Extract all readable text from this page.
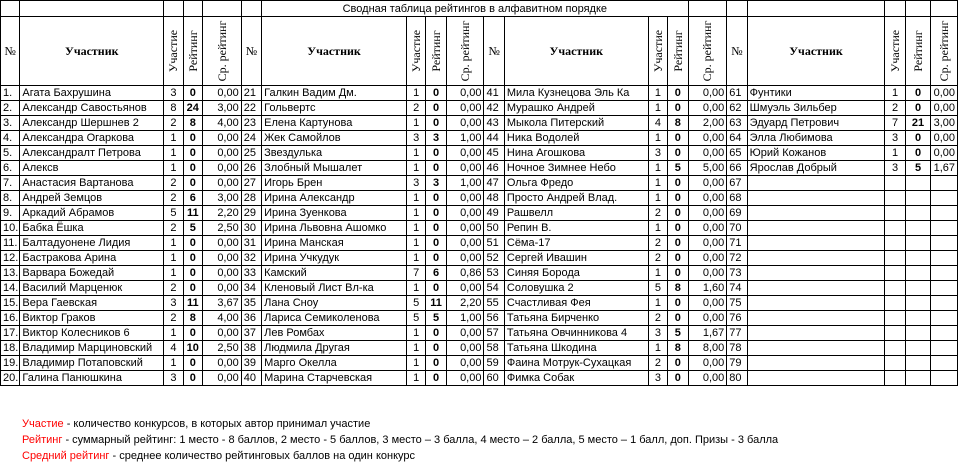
						Сводная таблица рейтингов в алфавитном порядке													
№	Участник	Участие	Рейтинг	Ср. рейтинг	№	Участник	Участие	Рейтинг	Ср. рейтинг	№	Участник	Участие	Рейтинг	Ср. рейтинг	№	Участник	Участие	Рейтинг	Ср. рейтинг

1.	Агата Бахрушина	3	0	0,00	21	Галкин Вадим Дм.	1	0	0,00	41	Мила Кузнецова Эль Ка	1	0	0,00	61	Фунтики	1	0	0,00
2.	Александр Савостьянов	8	24	3,00	22	Гольвертс	2	0	0,00	42	Мурашко Андрей	1	0	0,00	62	Шмуэль Зильбер	2	0	0,00
3.	Александр Шершнев 2	2	8	4,00	23	Елена Картунова	1	0	0,00	43	Мыкола Питерский	4	8	2,00	63	Эдуард Петрович	7	21	3,00
4.	Александра Огаркова	1	0	0,00	24	Жек Самойлов	3	3	1,00	44	Ника Водолей	1	0	0,00	64	Элла Любимова	3	0	0,00
5.	Александралт Петрова	1	0	0,00	25	Звездулька	1	0	0,00	45	Нина Агошкова	3	0	0,00	65	Юрий Кожанов	1	0	0,00
6.	Алексв	1	0	0,00	26	Злобный Мышалет	1	0	0,00	46	Ночное Зимнее Небо	1	5	5,00	66	Ярослав Добрый	3	5	1,67
7.	Анастасия Вартанова	2	0	0,00	27	Игорь Брен	3	3	1,00	47	Ольга Фредо	1	0	0,00	67				
8.	Андрей Земцов	2	6	3,00	28	Ирина Александр	1	0	0,00	48	Просто Андрей Влад.	1	0	0,00	68				
9.	Аркадий Абрамов	5	11	2,20	29	Ирина Зуенкова	1	0	0,00	49	Рашвелл	2	0	0,00	69				
10.	Бабка Ёшка	2	5	2,50	30	Ирина Львовна Ашомко	1	0	0,00	50	Репин В.	1	0	0,00	70				
11.	Балтадуонене Лидия	1	0	0,00	31	Ирина Манская	1	0	0,00	51	Сёма-17	2	0	0,00	71				
12.	Бастракова Арина	1	0	0,00	32	Ирина Учкудук	1	0	0,00	52	Сергей Ивашин	2	0	0,00	72				
13.	Варвара Божедай	1	0	0,00	33	Камский	7	6	0,86	53	Синяя Борода	1	0	0,00	73				
14.	Василий Марценюк	2	0	0,00	34	Кленовый Лист Вл-ка	1	0	0,00	54	Соловушка 2	5	8	1,60	74				
15.	Вера Гаевская	3	11	3,67	35	Лана Сноу	5	11	2,20	55	Счастливая Фея	1	0	0,00	75				
16.	Виктор Граков	2	8	4,00	36	Лариса Семиколенова	5	5	1,00	56	Татьяна Бирченко	2	0	0,00	76				
17.	Виктор Колесников 6	1	0	0,00	37	Лев Ромбах	1	0	0,00	57	Татьяна Овчинникова 4	3	5	1,67	77				
18.	Владимир Марциновский	4	10	2,50	38	Людмила Другая	1	0	0,00	58	Татьяна Шкодина	1	8	8,00	78				
19.	Владимир Потаповский	1	0	0,00	39	Марго Окелла	1	0	0,00	59	Фаина Мотрук-Сухацкая	2	0	0,00	79				
20.	Галина Панюшкина	3	0	0,00	40	Марина Старчевская	1	0	0,00	60	Фимка Собак	3	0	0,00	80				
Участие - количество конкурсов, в которых автор принимал участие
Рейтинг - суммарный рейтинг: 1 место - 8 баллов, 2 место - 5 баллов, 3 место – 3 балла, 4 место – 2 балла, 5 место – 1 балл, доп. Призы - 3 балла
Средний рейтинг - среднее количество рейтинговых баллов на один конкурс
